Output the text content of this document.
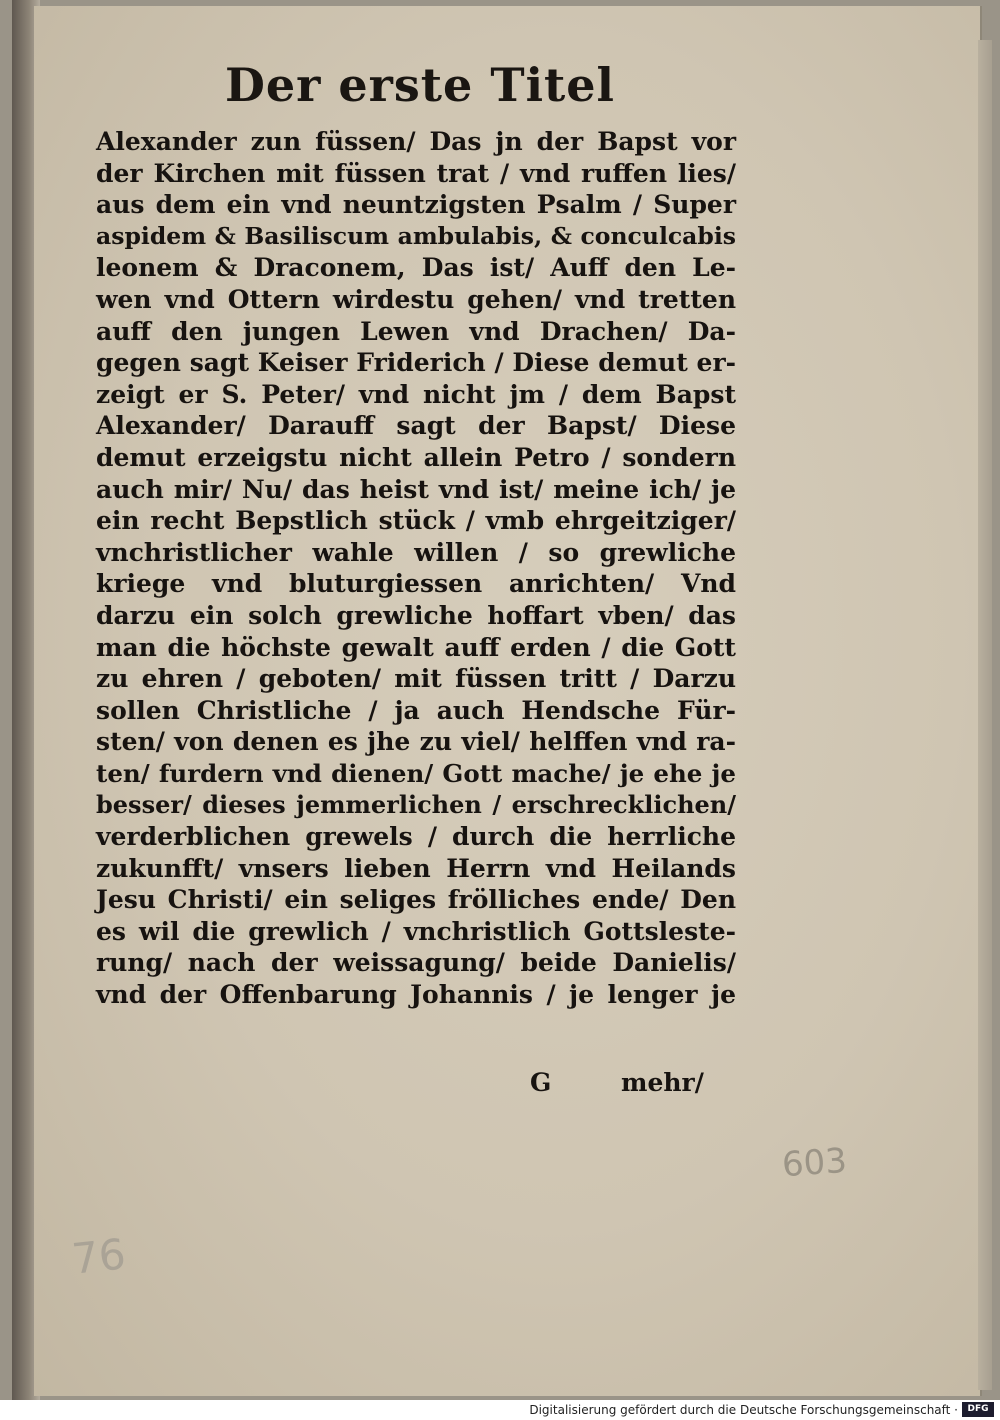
Der erste Titel
Alexander zun füssen/ Das jn der Bapst vor
der Kirchen mit füssen trat / vnd ruffen lies/
aus dem ein vnd neuntzigsten Psalm / Super
aspidem & Basiliscum ambulabis, & conculcabis
leonem & Draconem, Das ist/ Auff den Le-
wen vnd Ottern wirdestu gehen/ vnd tretten
auff den jungen Lewen vnd Drachen/ Da-
gegen sagt Keiser Friderich / Diese demut er-
zeigt er S. Peter/ vnd nicht jm / dem Bapst
Alexander/ Darauff sagt der Bapst/ Diese
demut erzeigstu nicht allein Petro / sondern
auch mir/ Nu/ das heist vnd ist/ meine ich/ je
ein recht Bepstlich stück / vmb ehrgeitziger/
vnchristlicher wahle willen / so grewliche
kriege vnd bluturgiessen anrichten/ Vnd
darzu ein solch grewliche hoffart vben/ das
man die höchste gewalt auff erden / die Gott
zu ehren / geboten/ mit füssen tritt / Darzu
sollen Christliche / ja auch Hendsche Für-
sten/ von denen es jhe zu viel/ helffen vnd ra-
ten/ furdern vnd dienen/ Gott mache/ je ehe je
besser/ dieses jemmerlichen / erschrecklichen/
verderblichen grewels / durch die herrliche
zukunfft/ vnsers lieben Herrn vnd Heilands
Jesu Christi/ ein seliges frölliches ende/ Den
es wil die grewlich / vnchristlich Gottsleste-
rung/ nach der weissagung/ beide Danielis/
vnd der Offenbarung Johannis / je lenger je
G	mehr/
603
76
Digitalisierung gefördert durch die Deutsche Forschungsgemeinschaft ·	DFG
